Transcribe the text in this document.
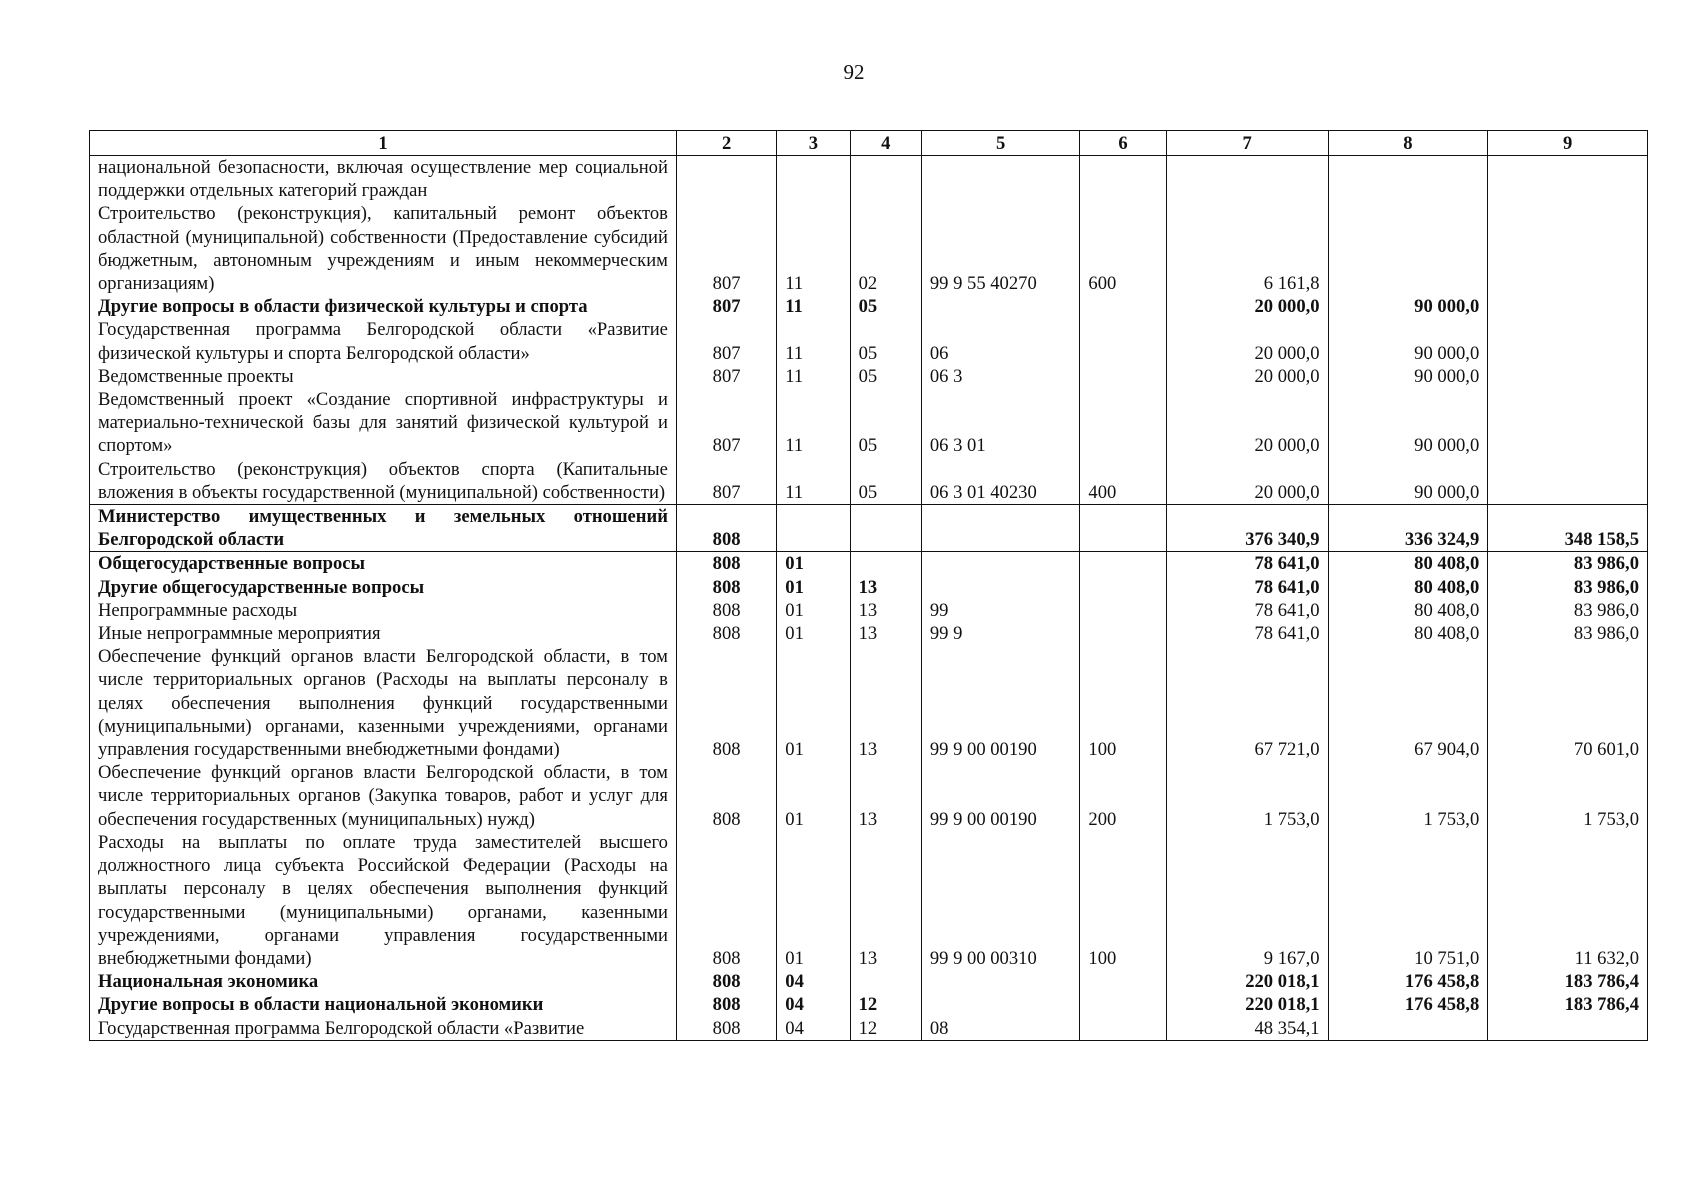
92
1	2	3	4	5	6	7	8	9
национальной безопасности, включая осуществление мер социальной поддержки отдельных категорий граждан								
Строительство (реконструкция), капитальный ремонт объектов областной (муниципальной) собственности (Предоставление субсидий бюджетным, автономным учреждениям и иным некоммерческим организациям)	807	11	02	99 9 55 40270	600	6 161,8		
Другие вопросы в области физической культуры и спорта	807	11	05			20 000,0	90 000,0	
Государственная программа Белгородской области «Развитие физической культуры и спорта Белгородской области»	807	11	05	06		20 000,0	90 000,0	
Ведомственные проекты	807	11	05	06 3		20 000,0	90 000,0	
Ведомственный проект «Создание спортивной инфраструктуры и материально-технической базы для занятий физической культурой и спортом»	807	11	05	06 3 01		20 000,0	90 000,0	
Строительство (реконструкция) объектов спорта (Капитальные вложения в объекты государственной (муниципальной) собственности)	807	11	05	06 3 01 40230	400	20 000,0	90 000,0	
Министерство имущественных и земельных отношений Белгородской области	808					376 340,9	336 324,9	348 158,5
Общегосударственные вопросы	808	01				78 641,0	80 408,0	83 986,0
Другие общегосударственные вопросы	808	01	13			78 641,0	80 408,0	83 986,0
Непрограммные расходы	808	01	13	99		78 641,0	80 408,0	83 986,0
Иные непрограммные мероприятия	808	01	13	99 9		78 641,0	80 408,0	83 986,0
Обеспечение функций органов власти Белгородской области, в том числе территориальных органов (Расходы на выплаты персоналу в целях обеспечения выполнения функций государственными (муниципальными) органами, казенными учреждениями, органами управления государственными внебюджетными фондами)	808	01	13	99 9 00 00190	100	67 721,0	67 904,0	70 601,0
Обеспечение функций органов власти Белгородской области, в том числе территориальных органов (Закупка товаров, работ и услуг для обеспечения государственных (муниципальных) нужд)	808	01	13	99 9 00 00190	200	1 753,0	1 753,0	1 753,0
Расходы на выплаты по оплате труда заместителей высшего должностного лица субъекта Российской Федерации (Расходы на выплаты персоналу в целях обеспечения выполнения функций государственными (муниципальными) органами, казенными учреждениями, органами управления государственными внебюджетными фондами)	808	01	13	99 9 00 00310	100	9 167,0	10 751,0	11 632,0
Национальная экономика	808	04				220 018,1	176 458,8	183 786,4
Другие вопросы в области национальной экономики	808	04	12			220 018,1	176 458,8	183 786,4
Государственная программа Белгородской области «Развитие	808	04	12	08		48 354,1		
